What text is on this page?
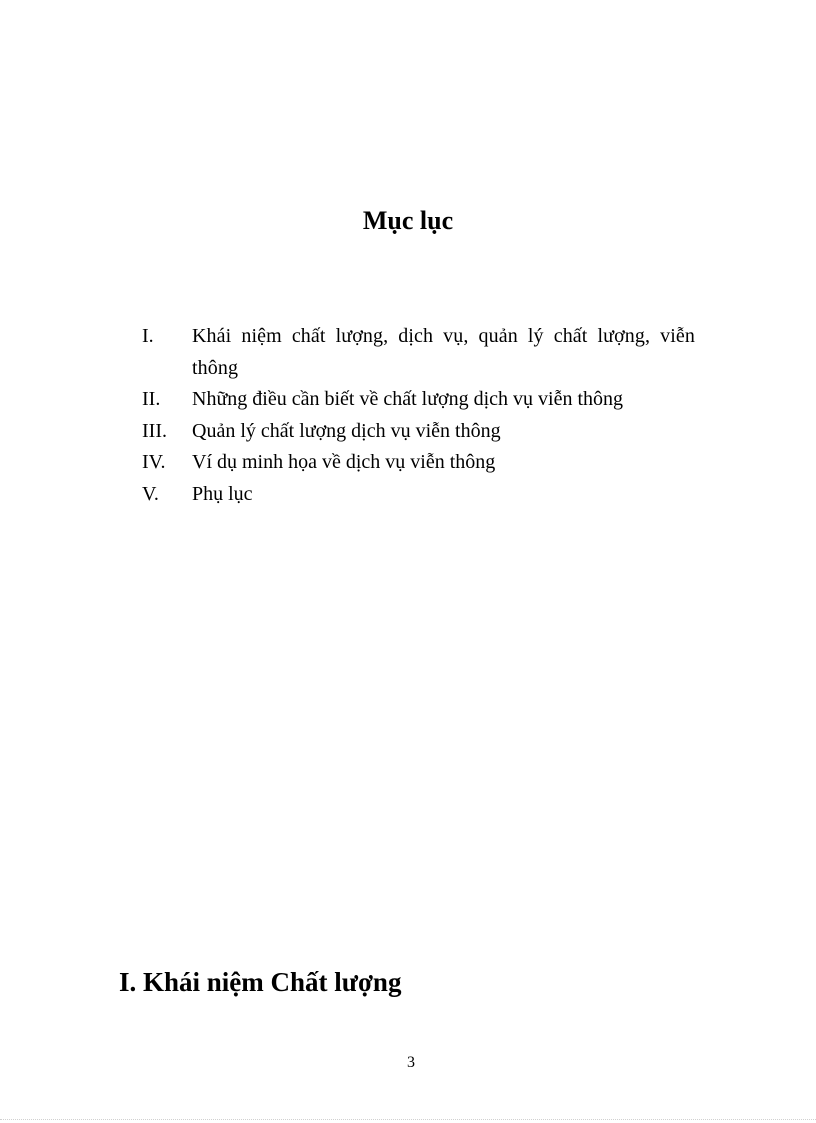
Mục lục
I.	Khái niệm chất lượng, dịch vụ, quản lý chất lượng, viễn thông
II.	Những điều cần biết về chất lượng dịch vụ viễn thông
III.	Quản lý chất lượng dịch vụ viễn thông
IV.	Ví dụ minh họa về dịch vụ viễn thông
V.	Phụ lục
I. Khái niệm Chất lượng
3
